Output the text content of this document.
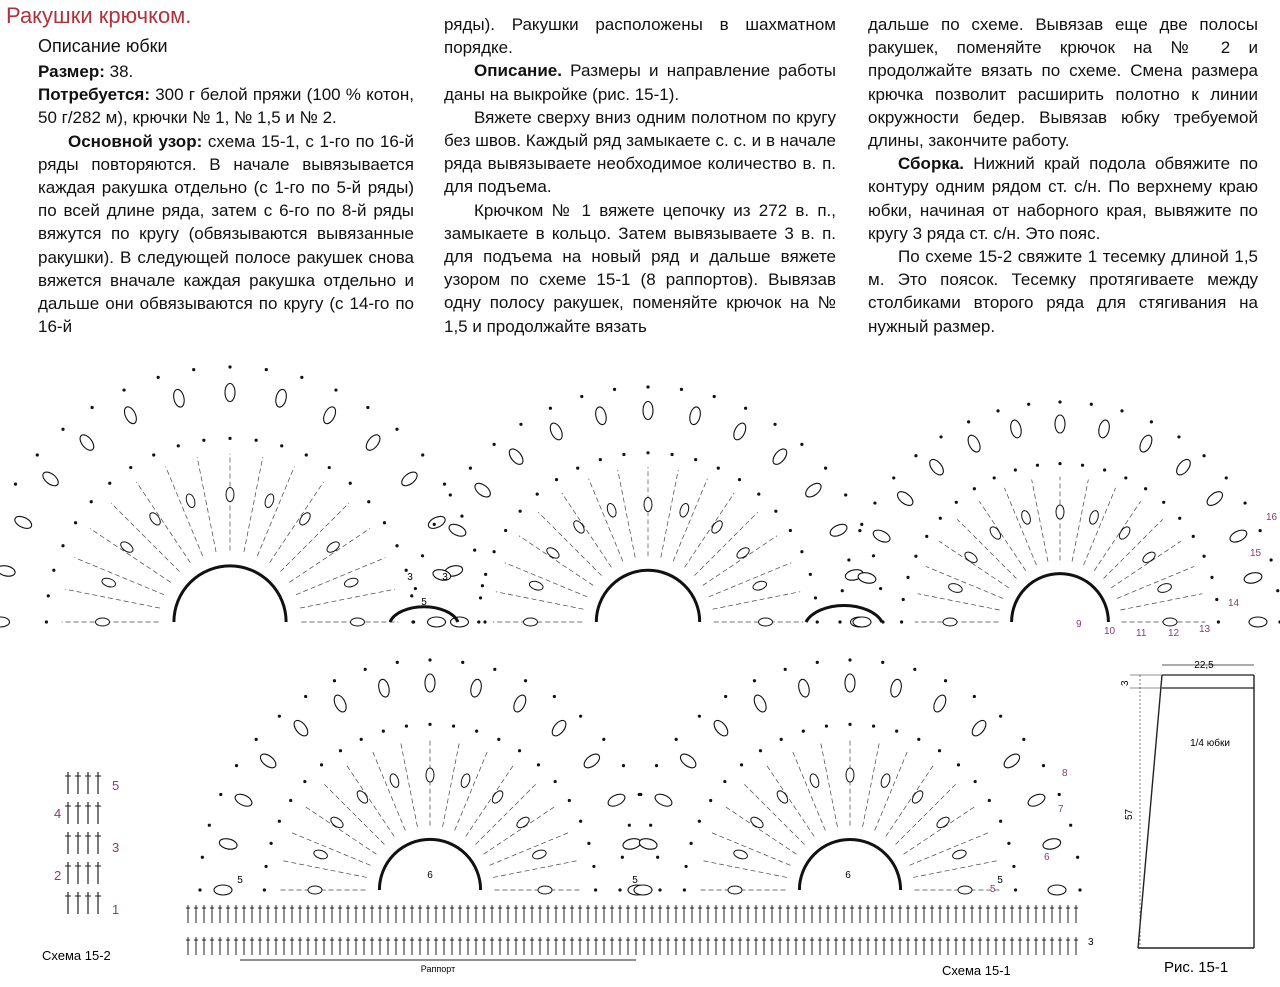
Ракушки крючком.
Описание юбки

Размер: 38.

Потребуется: 300 г белой пряжи (100 % котон, 50 г/282 м), крючки № 1, № 1,5 и № 2.

Основной узор: схема 15-1, с 1-го по 16-й ряды повторяются. В начале вывязывается каждая ракушка отдельно (с 1-го по 5-й ряды) по всей длине ряда, затем с 6-го по 8-й ряды вяжутся по кругу (обвязываются вывязанные ракушки). В следующей полосе ракушек снова вяжется вначале каждая ракушка отдельно и дальше они обвязываются по кругу (с 14-го по 16-й

ряды). Ракушки расположены в шахматном порядке.

Описание. Размеры и направление работы даны на выкройке (рис. 15-1).

Вяжете сверху вниз одним полотном по кругу без швов. Каждый ряд замыкаете с. с. и в начале ряда вывязываете необходимое количество в. п. для подъема.

Крючком № 1 вяжете цепочку из 272 в. п., замыкаете в кольцо. Затем вывязываете 3 в. п. для подъема на новый ряд и дальше вяжете узором по схеме 15-1 (8 раппортов). Вывязав одну полосу ракушек, поменяйте крючок на № 1,5 и продолжайте вязать

дальше по схеме. Вывязав еще две полосы ракушек, поменяйте крючок на № 2 и продолжайте вязать по схеме. Смена размера крючка позволит расширить полотно к линии окружности бедер. Вывязав юбку требуемой длины, закончите работу.

Сборка. Нижний край подола обвяжите по контуру одним рядом ст. с/н. По верхнему краю юбки, начиная от наборного края, вывяжите по кругу 3 ряда ст. с/н. Это пояс.

По схеме 15-2 свяжите 1 тесемку длиной 1,5 м. Это поясок. Тесемку протягиваете между столбиками второго ряда для стягивания на нужный размер.

5
3	3
5	6	5	6	5
3
5
3
1
4
2
22,5
3
57
1/4 юбки
Схема 15-2
Схема 15-1	Рис. 15-1
Раппорт
9
10 11 12 13
14
15
16
8
7
6
5
